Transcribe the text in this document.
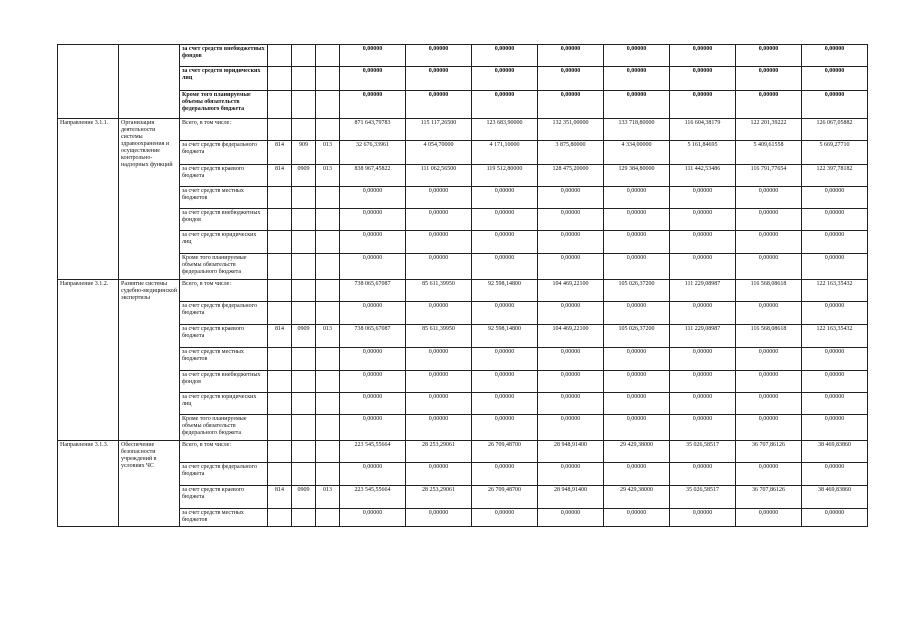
		за счет средств внебюджетных фондов				0,00000	0,00000	0,00000	0,00000	0,00000	0,00000	0,00000	0,00000
		за счет средств юридических лиц				0,00000	0,00000	0,00000	0,00000	0,00000	0,00000	0,00000	0,00000
		Кроме того планируемые объемы обязательств федерального бюджета				0,00000	0,00000	0,00000	0,00000	0,00000	0,00000	0,00000	0,00000
Направление 3.1.1.	Организация деятельности системы здравоохранения и осуществление контрольно-надзорных функций	Всего, в том числе:				871 643,79783	115 117,26500	123 683,90000	132 351,00000	133 718,80000	116 604,38179	122 201,39222	126 067,05882
		за счет средств федерального бюджета	814	909	013	32 676,33961	4 054,70000	4 171,10000	3 875,80000	4 334,00000	5 161,84695	5 409,61558	5 669,27710
		за счет средств краевого бюджета	814	0909	013	838 967,45822	111 062,56500	119 512,80000	128 475,20000	129 384,80000	111 442,53486	116 791,77654	122 397,78182
		за счет средств местных бюджетов				0,00000	0,00000	0,00000	0,00000	0,00000	0,00000	0,00000	0,00000
		за счет средств внебюджетных фондов				0,00000	0,00000	0,00000	0,00000	0,00000	0,00000	0,00000	0,00000
		за счет средств юридических лиц				0,00000	0,00000	0,00000	0,00000	0,00000	0,00000	0,00000	0,00000
		Кроме того планируемые объемы обязательств федерального бюджета				0,00000	0,00000	0,00000	0,00000	0,00000	0,00000	0,00000	0,00000
Направление 3.1.2.	Развитие системы судебно-медицинской экспертизы	Всего, в том числе:				738 065,67087	85 611,39950	92 598,14800	104 469,22100	105 026,37200	111 229,08987	116 568,08618	122 163,35432
		за счет средств федерального бюджета				0,00000	0,00000	0,00000	0,00000	0,00000	0,00000	0,00000	0,00000
		за счет средств краевого бюджета	814	0909	013	738 065,67087	85 611,39950	92 598,14800	104 469,22100	105 026,37200	111 229,08987	116 568,08618	122 163,35432
		за счет средств местных бюджетов				0,00000	0,00000	0,00000	0,00000	0,00000	0,00000	0,00000	0,00000
		за счет средств внебюджетных фондов				0,00000	0,00000	0,00000	0,00000	0,00000	0,00000	0,00000	0,00000
		за счет средств юридических лиц				0,00000	0,00000	0,00000	0,00000	0,00000	0,00000	0,00000	0,00000
		Кроме того планируемые объемы обязательств федерального бюджета				0,00000	0,00000	0,00000	0,00000	0,00000	0,00000	0,00000	0,00000
Направление 3.1.3.	Обеспечение безопасности учреждений в условиях ЧС	Всего, в том числе:				223 545,55664	28 253,29061	26 709,48700	28 948,91400	29 429,38000	35 026,58517	36 707,86126	38 469,83860
		за счет средств федерального бюджета				0,00000	0,00000	0,00000	0,00000	0,00000	0,00000	0,00000	0,00000
		за счет средств краевого бюджета	814	0909	013	223 545,55664	28 253,29061	26 709,48700	28 948,91400	29 429,38000	35 026,58517	36 707,86126	38 469,83860
		за счет средств местных бюджетов				0,00000	0,00000	0,00000	0,00000	0,00000	0,00000	0,00000	0,00000
